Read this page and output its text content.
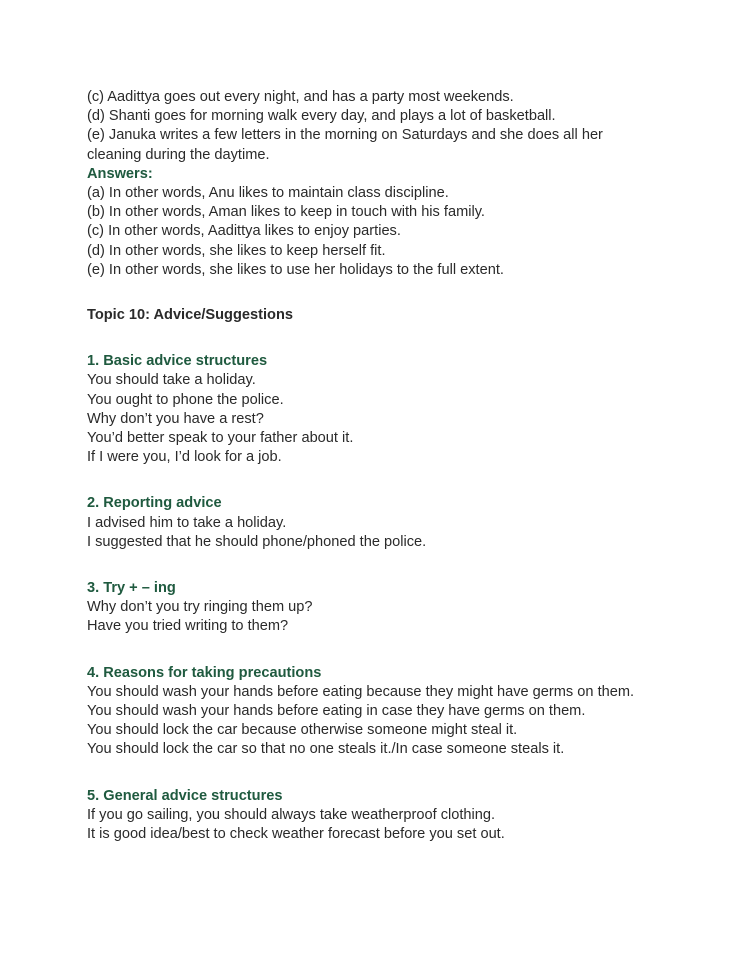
(c) Aadittya goes out every night, and has a party most weekends.
(d) Shanti goes for morning walk every day, and plays a lot of basketball.
(e) Januka writes a few letters in the morning on Saturdays and she does all her cleaning during the daytime.
Answers:
(a) In other words, Anu likes to maintain class discipline.
(b) In other words, Aman likes to keep in touch with his family.
(c) In other words, Aadittya likes to enjoy parties.
(d) In other words, she likes to keep herself fit.
(e) In other words, she likes to use her holidays to the full extent.
Topic 10: Advice/Suggestions
1. Basic advice structures
You should take a holiday.
You ought to phone the police.
Why don’t you have a rest?
You’d better speak to your father about it.
If I were you, I’d look for a job.
2. Reporting advice
I advised him to take a holiday.
I suggested that he should phone/phoned the police.
3. Try + – ing
Why don’t you try ringing them up?
Have you tried writing to them?
4. Reasons for taking precautions
You should wash your hands before eating because they might have germs on them.
You should wash your hands before eating in case they have germs on them.
You should lock the car because otherwise someone might steal it.
You should lock the car so that no one steals it./In case someone steals it.
5. General advice structures
If you go sailing, you should always take weatherproof clothing.
It is good idea/best to check weather forecast before you set out.
